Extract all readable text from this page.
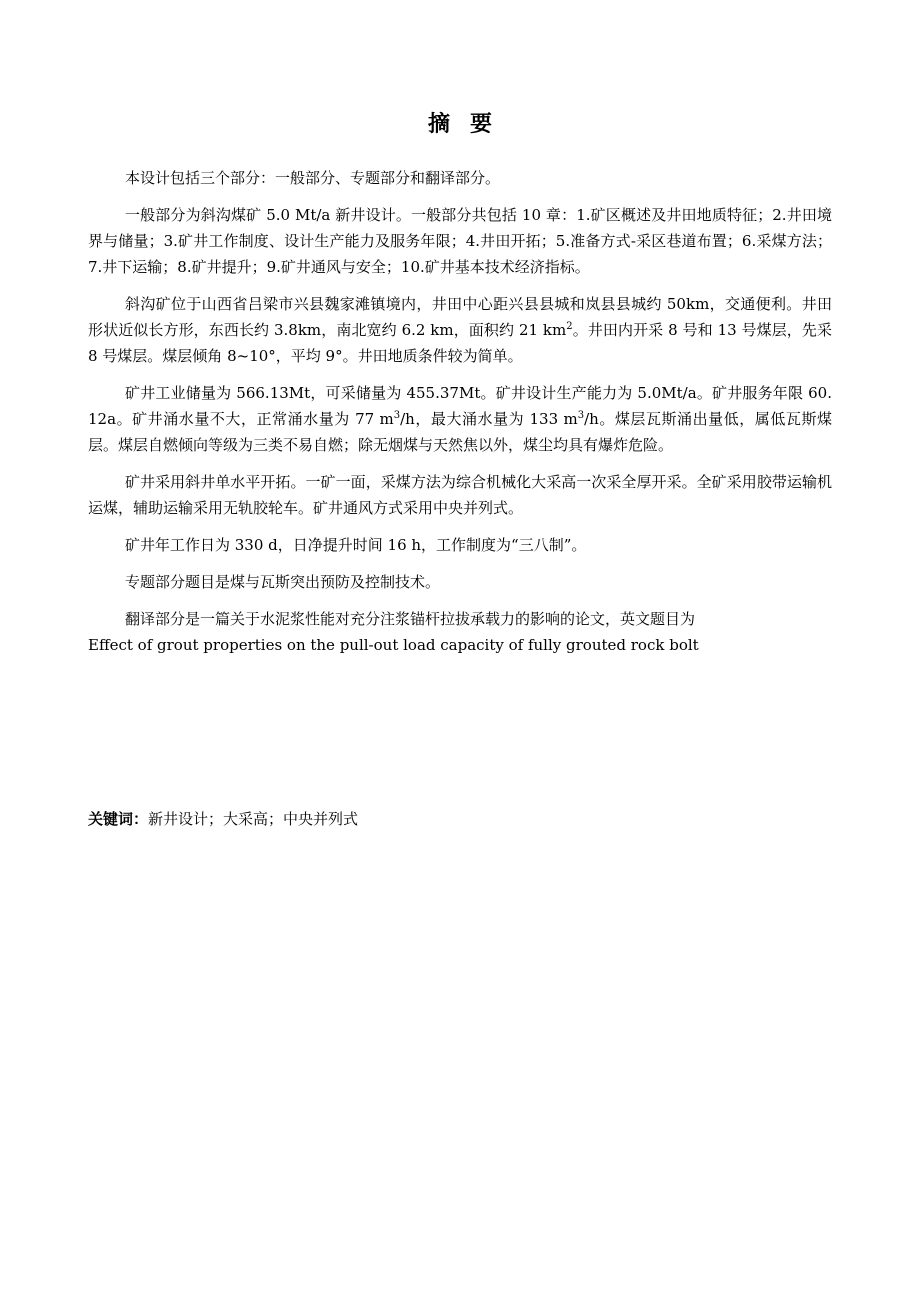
摘 要

本设计包括三个部分：一般部分、专题部分和翻译部分。

一般部分为斜沟煤矿 5.0 Mt/a 新井设计。一般部分共包括 10 章：1.矿区概述及井田地质特征；2.井田境界与储量；3.矿井工作制度、设计生产能力及服务年限；4.井田开拓；5.准备方式-采区巷道布置；6.采煤方法；7.井下运输；8.矿井提升；9.矿井通风与安全；10.矿井基本技术经济指标。

斜沟矿位于山西省吕梁市兴县魏家滩镇境内，井田中心距兴县县城和岚县县城约 50km，交通便利。井田形状近似长方形，东西长约 3.8km，南北宽约 6.2 km，面积约 21 $km^2$。井田内开采 8 号和 13 号煤层，先采 8 号煤层。煤层倾角 8~10°，平均 9°。井田地质条件较为简单。

矿井工业储量为 566.13Mt，可采储量为 455.37Mt。矿井设计生产能力为 5.0Mt/a。矿井服务年限 60.12a。矿井涌水量不大，正常涌水量为 77 $m^3/h$，最大涌水量为 133 $m^3/h$。煤层瓦斯涌出量低，属低瓦斯煤层。煤层自燃倾向等级为三类不易自燃；除无烟煤与天然焦以外，煤尘均具有爆炸危险。

矿井采用斜井单水平开拓。一矿一面，采煤方法为综合机械化大采高一次采全厚开采。全矿采用胶带运输机运煤，辅助运输采用无轨胶轮车。矿井通风方式采用中央并列式。

矿井年工作日为 330 d，日净提升时间 16 h，工作制度为“三八制”。

专题部分题目是煤与瓦斯突出预防及控制技术。

翻译部分是一篇关于水泥浆性能对充分注浆锚杆拉拔承载力的影响的论文，英文题目为
Effect of grout properties on the pull-out load capacity of fully grouted rock bolt

关键词：新井设计；大采高；中央并列式
